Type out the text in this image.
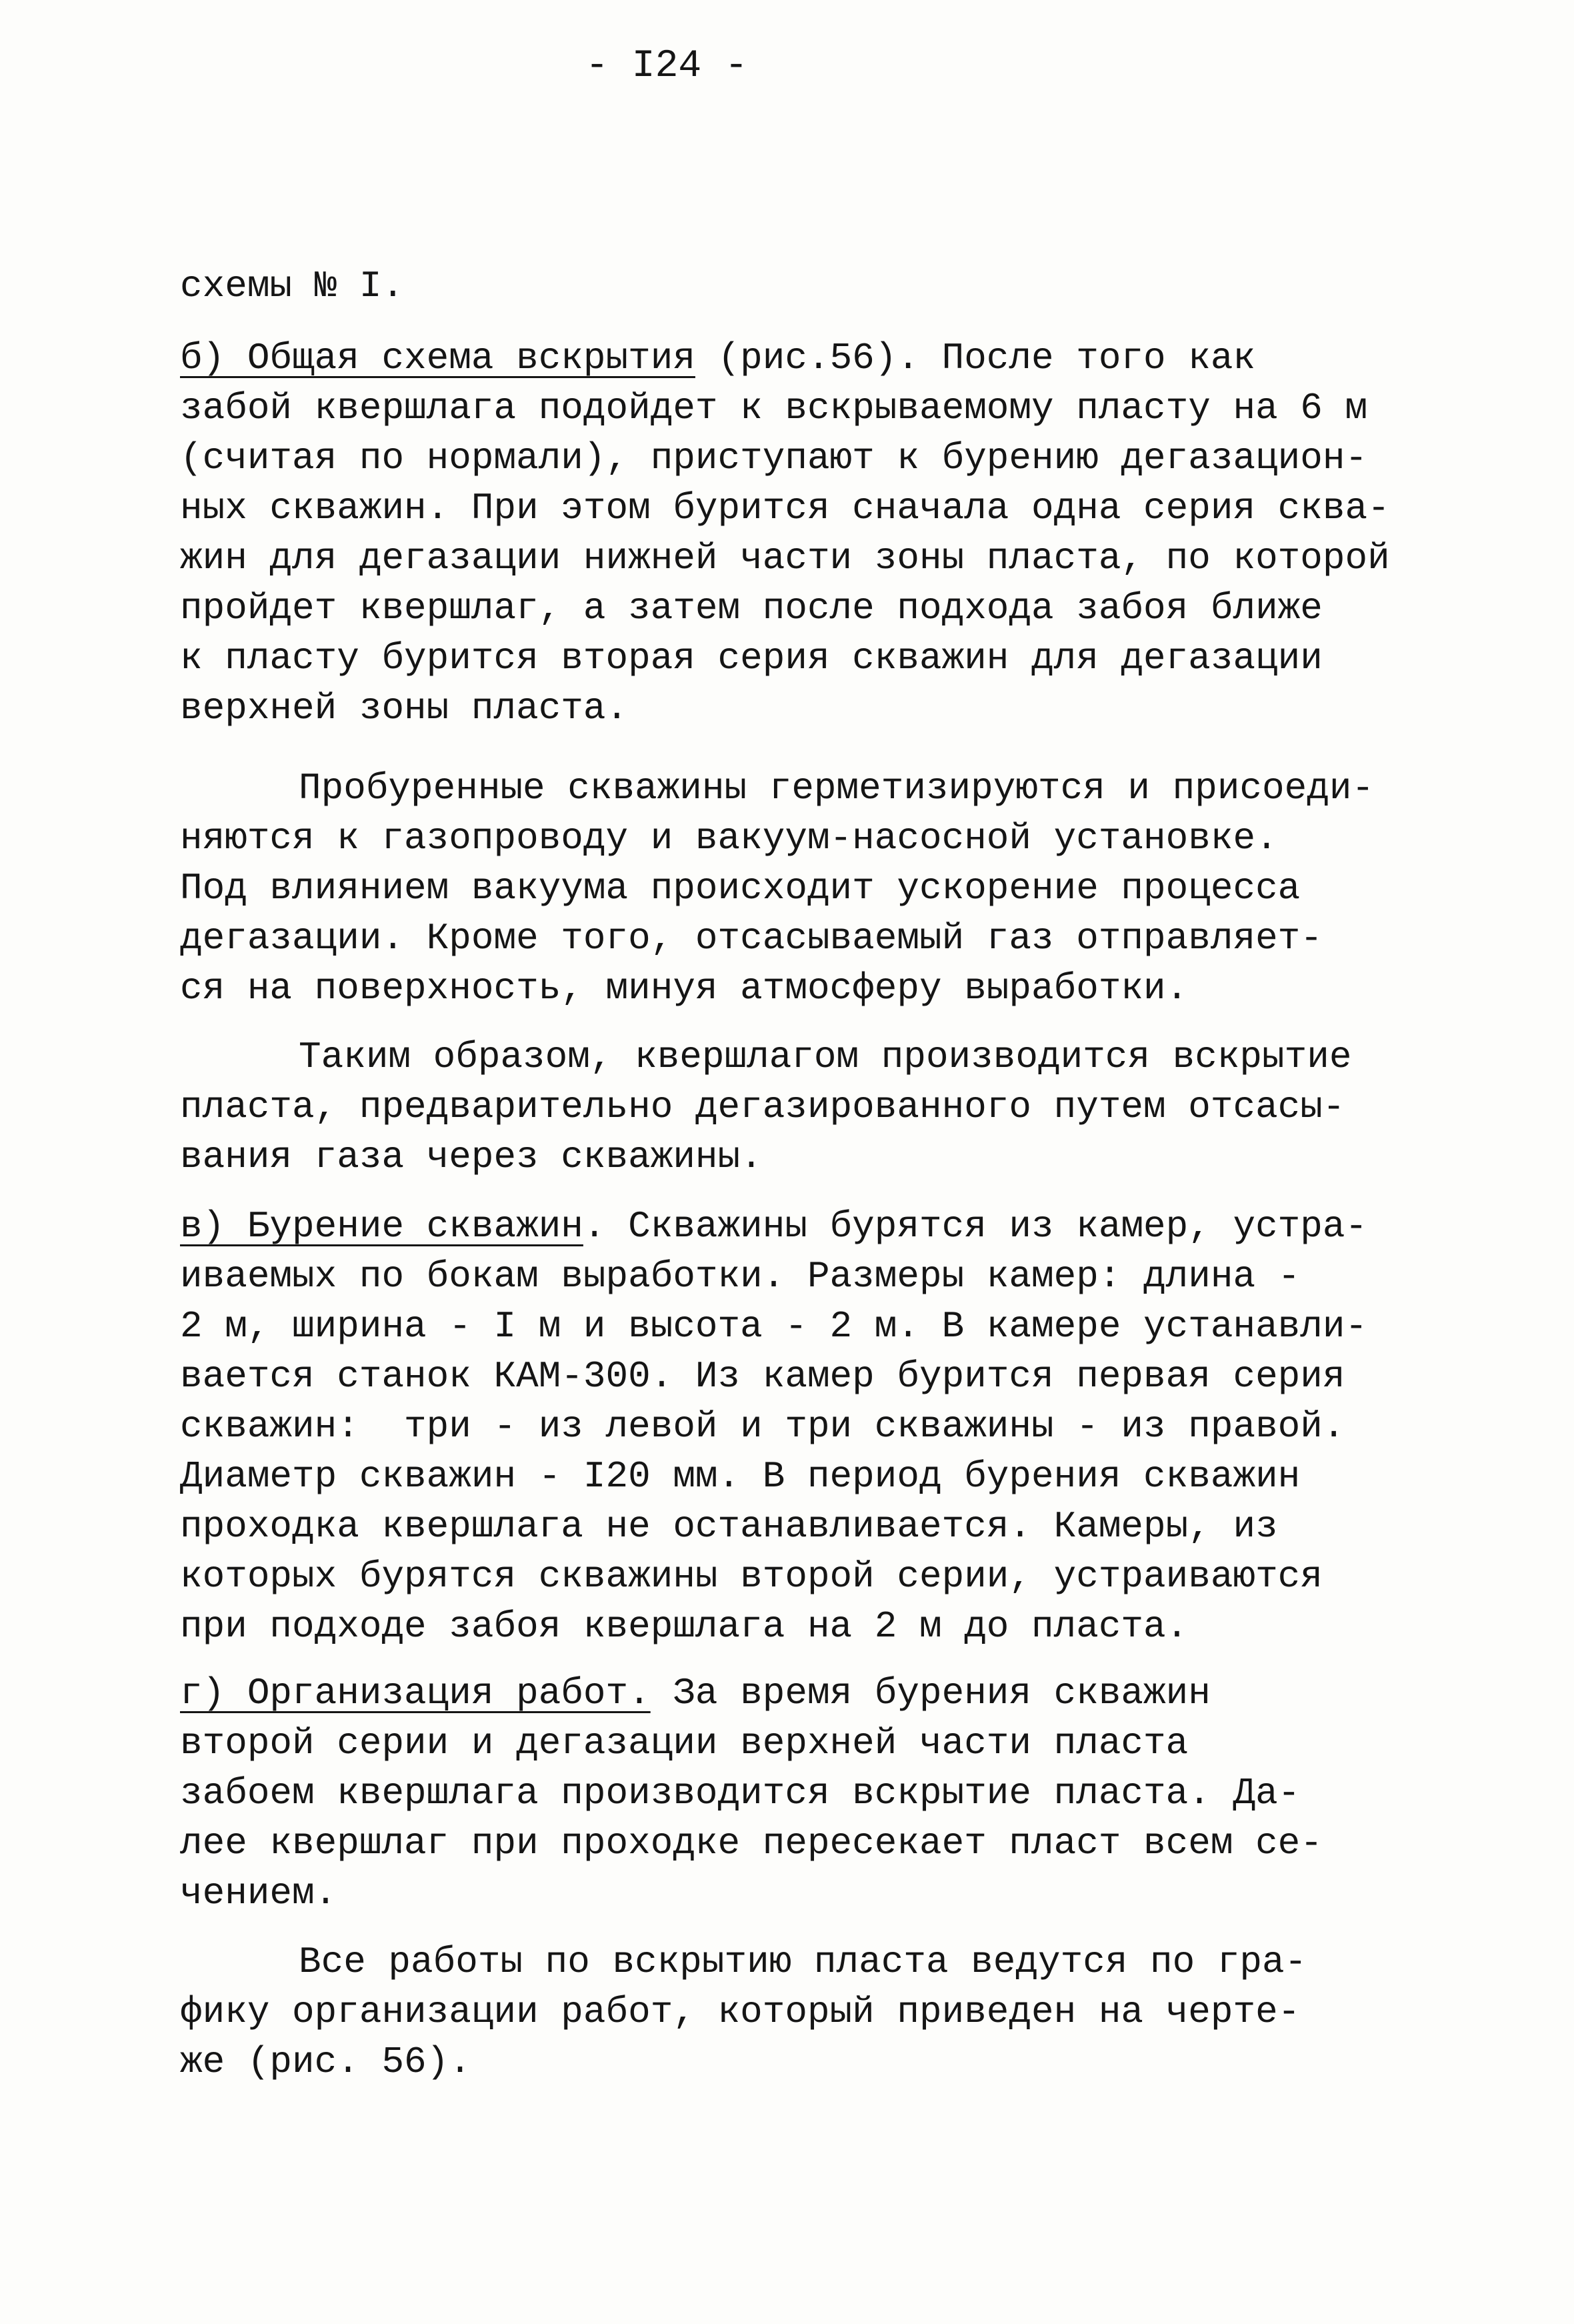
- I24 -
схемы № I.
б) Общая схема вскрытия (рис.56). После того как
забой квершлага подойдет к вскрываемому пласту на 6 м
(считая по нормали), приступают к бурению дегазацион-
ных скважин. При этом бурится сначала одна серия сква-
жин для дегазации нижней части зоны пласта, по которой
пройдет квершлаг, а затем после подхода забоя ближе
к пласту бурится вторая серия скважин для дегазации
верхней зоны пласта.
Пробуренные скважины герметизируются и присоеди-
няются к газопроводу и вакуум-насосной установке.
Под влиянием вакуума происходит ускорение процесса
дегазации. Кроме того, отсасываемый газ отправляет-
ся на поверхность, минуя атмосферу выработки.
Таким образом, квершлагом производится вскрытие
пласта, предварительно дегазированного путем отсасы-
вания газа через скважины.
в) Бурение скважин. Скважины бурятся из камер, устра-
иваемых по бокам выработки. Размеры камер: длина -
2 м, ширина - I м и высота - 2 м. В камере устанавли-
вается станок КАМ-300. Из камер бурится первая серия
скважин:  три - из левой и три скважины - из правой.
Диаметр скважин - I20 мм. В период бурения скважин
проходка квершлага не останавливается. Камеры, из
которых бурятся скважины второй серии, устраиваются
при подходе забоя квершлага на 2 м до пласта.
г) Организация работ. За время бурения скважин
второй серии и дегазации верхней части пласта
забоем квершлага производится вскрытие пласта. Да-
лее квершлаг при проходке пересекает пласт всем се-
чением.
Все работы по вскрытию пласта ведутся по гра-
фику организации работ, который приведен на черте-
же (рис. 56).
